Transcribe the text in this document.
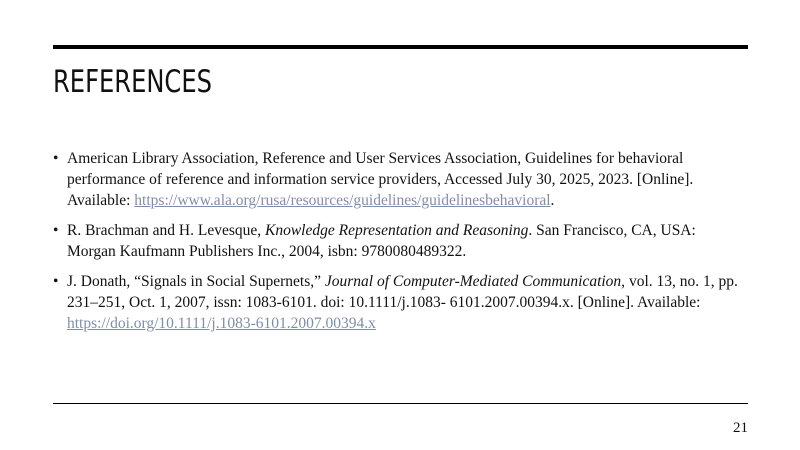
REFERENCES
• American Library Association, Reference and User Services Association, Guidelines for behavioral performance of reference and information service providers, Accessed July 30, 2025, 2023. [Online]. Available: https://www.ala.org/rusa/resources/guidelines/guidelinesbehavioral.
• R. Brachman and H. Levesque, Knowledge Representation and Reasoning. San Francisco, CA, USA: Morgan Kaufmann Publishers Inc., 2004, isbn: 9780080489322.
• J. Donath, “Signals in Social Supernets,” Journal of Computer-Mediated Communication, vol. 13, no. 1, pp. 231–251, Oct. 1, 2007, issn: 1083-6101. doi: 10.1111/j.1083- 6101.2007.00394.x. [Online]. Available: https://doi.org/10.1111/j.1083-6101.2007.00394.x
21
